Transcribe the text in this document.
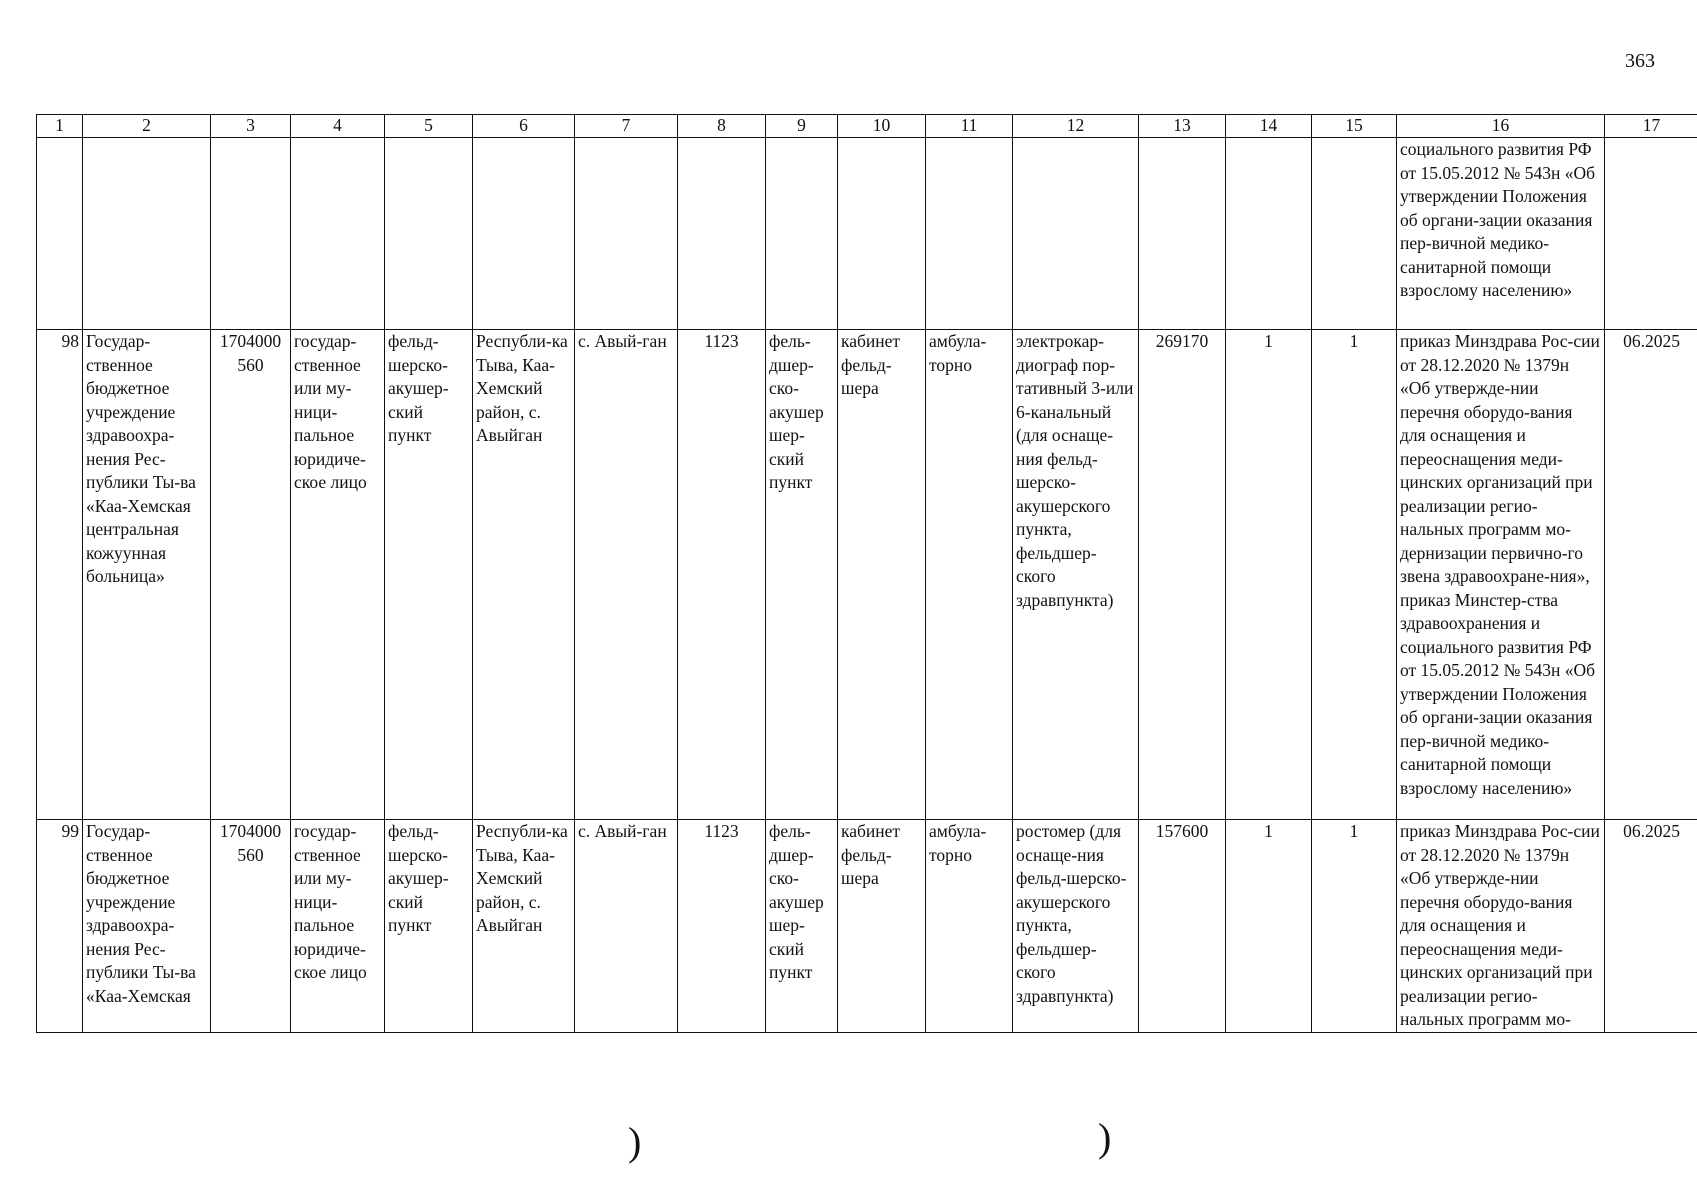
363
1	2	3	4	5	6	7	8	9	10	11	12	13	14	15	16	17
															социального развития РФ от 15.05.2012 № 543н «Об утверждении Положения об органи-зации оказания пер-вичной медико-санитарной помощи взрослому населению»	
98	Государ-ственное бюджетное учреждение здравоохра-нения Рес-публики Ты-ва «Каа-Хемская центральная кожуунная больница»	1704000 560	государ-ственное или му-ници-пальное юридиче-ское лицо	фельд-шерско-акушер-ский пункт	Республи-ка Тыва, Каа-Хемский район, с. Авыйган	с. Авый-ган	1123	фель-дшер-ско-акушер шер-ский пункт	кабинет фельд-шера	амбула-торно	электрокар-диограф пор-тативный 3-или 6-канальный (для оснаще-ния фельд-шерско-акушерского пункта, фельдшер-ского здравпункта)	269170	1	1	приказ Минздрава Рос-сии от 28.12.2020 № 1379н «Об утвержде-нии перечня оборудо-вания для оснащения и переоснащения меди-цинских организаций при реализации регио-нальных программ мо-дернизации первично-го звена здравоохране-ния», приказ Минстер-ства здравоохранения и социального развития РФ от 15.05.2012 № 543н «Об утверждении Положения об органи-зации оказания пер-вичной медико-санитарной помощи взрослому населению»	06.2025
99	Государ-ственное бюджетное учреждение здравоохра-нения Рес-публики Ты-ва «Каа-Хемская	1704000 560	государ-ственное или му-ници-пальное юридиче-ское лицо	фельд-шерско-акушер-ский пункт	Республи-ка Тыва, Каа-Хемский район, с. Авыйган	с. Авый-ган	1123	фель-дшер-ско-акушер шер-ский пункт	кабинет фельд-шера	амбула-торно	ростомер (для оснаще-ния фельд-шерско-акушерского пункта, фельдшер-ского здравпункта)	157600	1	1	приказ Минздрава Рос-сии от 28.12.2020 № 1379н «Об утвержде-нии перечня оборудо-вания для оснащения и переоснащения меди-цинских организаций при реализации регио-нальных программ мо-	06.2025
)	)
